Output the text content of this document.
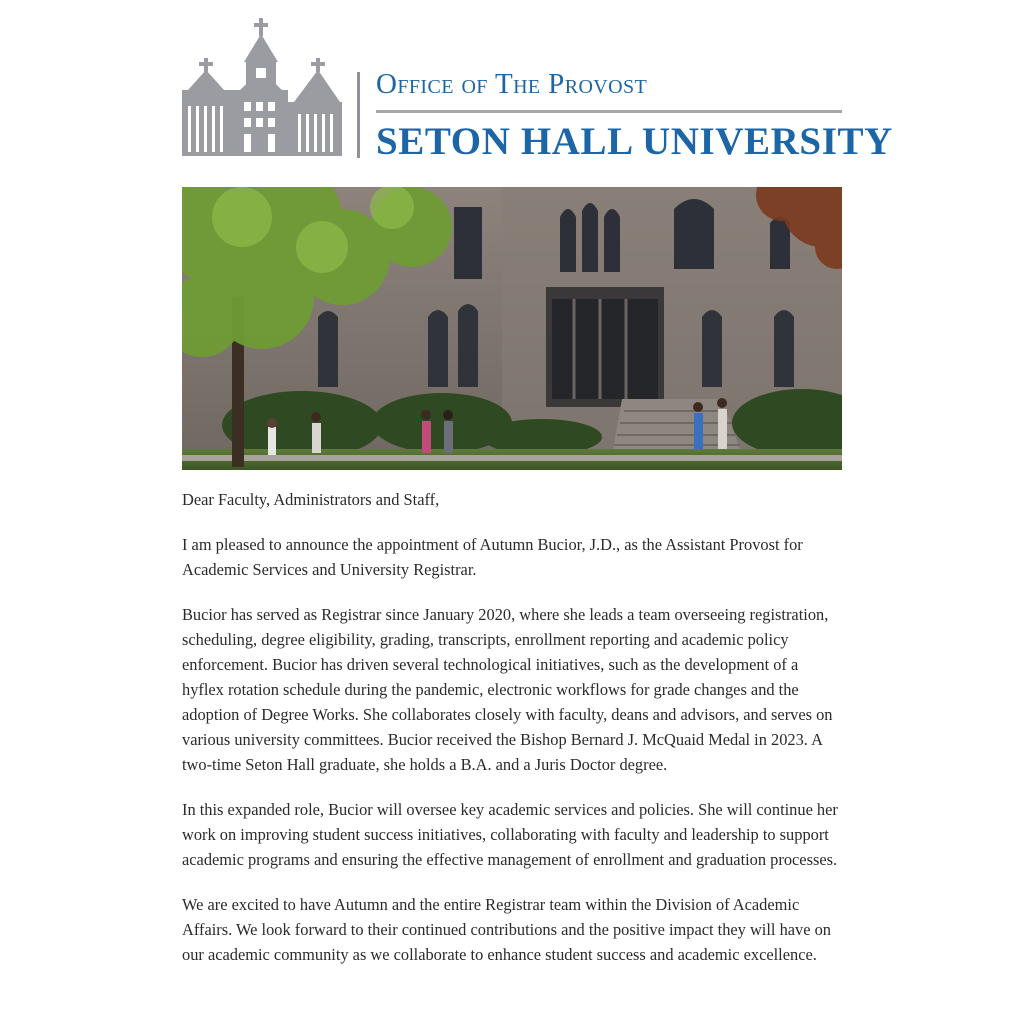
Office of The Provost
SETON HALL UNIVERSITY

Dear Faculty, Administrators and Staff,

I am pleased to announce the appointment of Autumn Bucior, J.D., as the Assistant Provost for Academic Services and University Registrar.

Bucior has served as Registrar since January 2020, where she leads a team overseeing registration, scheduling, degree eligibility, grading, transcripts, enrollment reporting and academic policy enforcement. Bucior has driven several technological initiatives, such as the development of a hyflex rotation schedule during the pandemic, electronic workflows for grade changes and the adoption of Degree Works. She collaborates closely with faculty, deans and advisors, and serves on various university committees. Bucior received the Bishop Bernard J. McQuaid Medal in 2023. A two-time Seton Hall graduate, she holds a B.A. and a Juris Doctor degree.

In this expanded role, Bucior will oversee key academic services and policies. She will continue her work on improving student success initiatives, collaborating with faculty and leadership to support academic programs and ensuring the effective management of enrollment and graduation processes.

We are excited to have Autumn and the entire Registrar team within the Division of Academic Affairs. We look forward to their continued contributions and the positive impact they will have on our academic community as we collaborate to enhance student success and academic excellence.
